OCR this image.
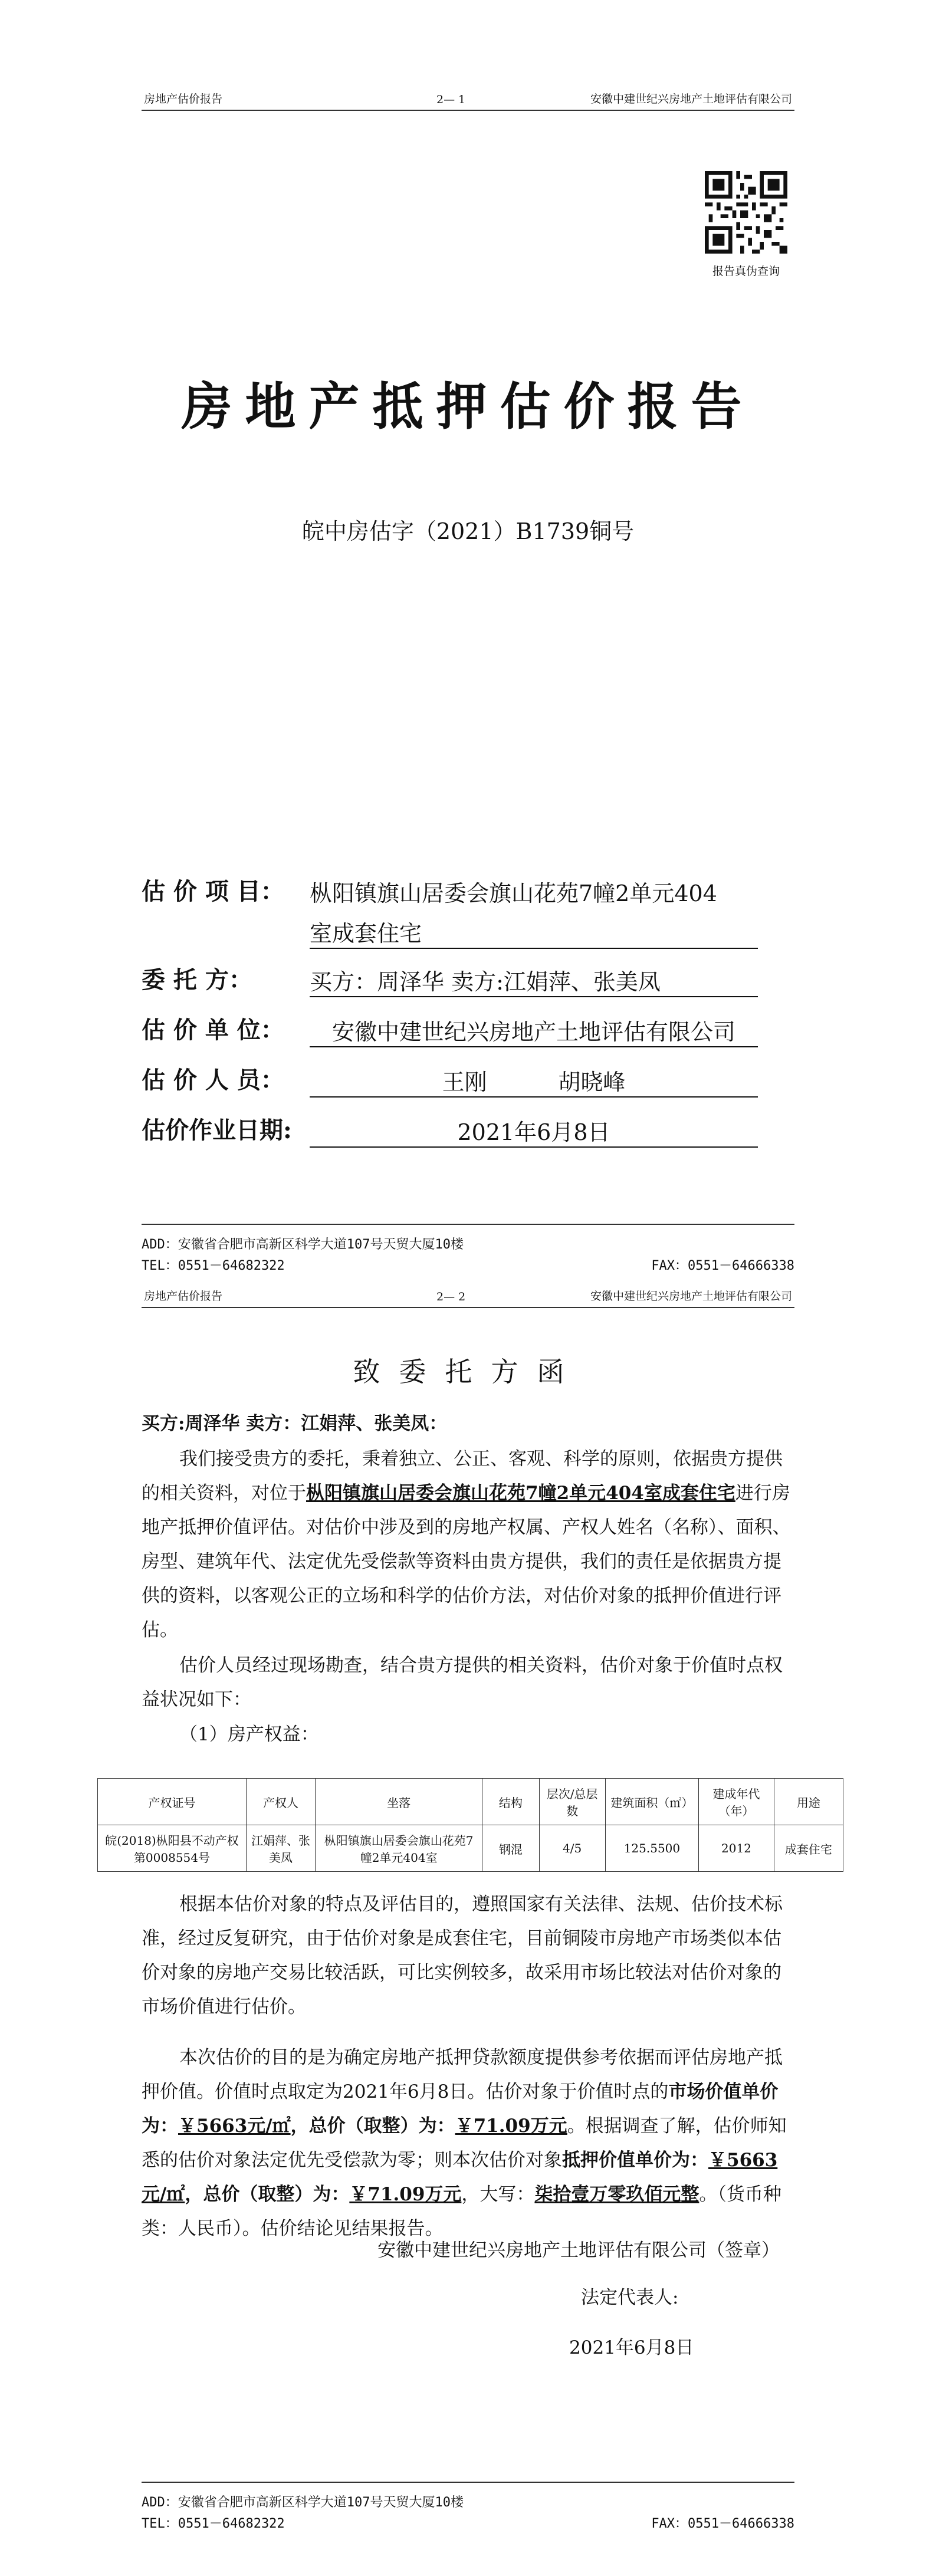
房地产估价报告	2— 1	安徽中建世纪兴房地产土地评估有限公司
报告真伪查询
房地产抵押估价报告
皖中房估字（2021）B1739铜号
估 价 项 目： 枞阳镇旗山居委会旗山花苑7幢2单元404
室成套住宅
委 托 方：	买方：周泽华 卖方:江娟萍、张美凤
估 价 单 位：	安徽中建世纪兴房地产土地评估有限公司
估 价 人 员：	王刚          胡晓峰
估价作业日期:	2021年6月8日
ADD：安徽省合肥市高新区科学大道107号天贸大厦10楼
TEL：0551－64682322	FAX：0551－64666338
房地产估价报告	2— 2	安徽中建世纪兴房地产土地评估有限公司
致委托方函
买方:周泽华 卖方：江娟萍、张美凤：
我们接受贵方的委托，秉着独立、公正、客观、科学的原则，依据贵方提供的相关资料，对位于枞阳镇旗山居委会旗山花苑7幢2单元404室成套住宅进行房地产抵押价值评估。对估价中涉及到的房地产权属、产权人姓名（名称）、面积、房型、建筑年代、法定优先受偿款等资料由贵方提供，我们的责任是依据贵方提供的资料，以客观公正的立场和科学的估价方法，对估价对象的抵押价值进行评估。
估价人员经过现场勘查，结合贵方提供的相关资料，估价对象于价值时点权益状况如下：
（1）房产权益：
产权证号	产权人	坐落	结构	层次/总层数	建筑面积（㎡）	建成年代（年）	用途
皖(2018)枞阳县不动产权第0008554号	江娟萍、张美凤	枞阳镇旗山居委会旗山花苑7幢2单元404室	钢混	4/5	125.5500	2012	成套住宅
根据本估价对象的特点及评估目的，遵照国家有关法律、法规、估价技术标准，经过反复研究，由于估价对象是成套住宅，目前铜陵市房地产市场类似本估价对象的房地产交易比较活跃，可比实例较多，故采用市场比较法对估价对象的市场价值进行估价。
本次估价的目的是为确定房地产抵押贷款额度提供参考依据而评估房地产抵押价值。价值时点取定为2021年6月8日。估价对象于价值时点的市场价值单价为：￥5663元/㎡，总价（取整）为：￥71.09万元。根据调查了解，估价师知悉的估价对象法定优先受偿款为零；则本次估价对象抵押价值单价为：￥5663元/㎡，总价（取整）为：￥71.09万元，大写：柒拾壹万零玖佰元整。（货币种类：人民币）。估价结论见结果报告。
安徽中建世纪兴房地产土地评估有限公司（签章）
法定代表人:
2021年6月8日
ADD：安徽省合肥市高新区科学大道107号天贸大厦10楼
TEL：0551－64682322	FAX：0551－64666338
